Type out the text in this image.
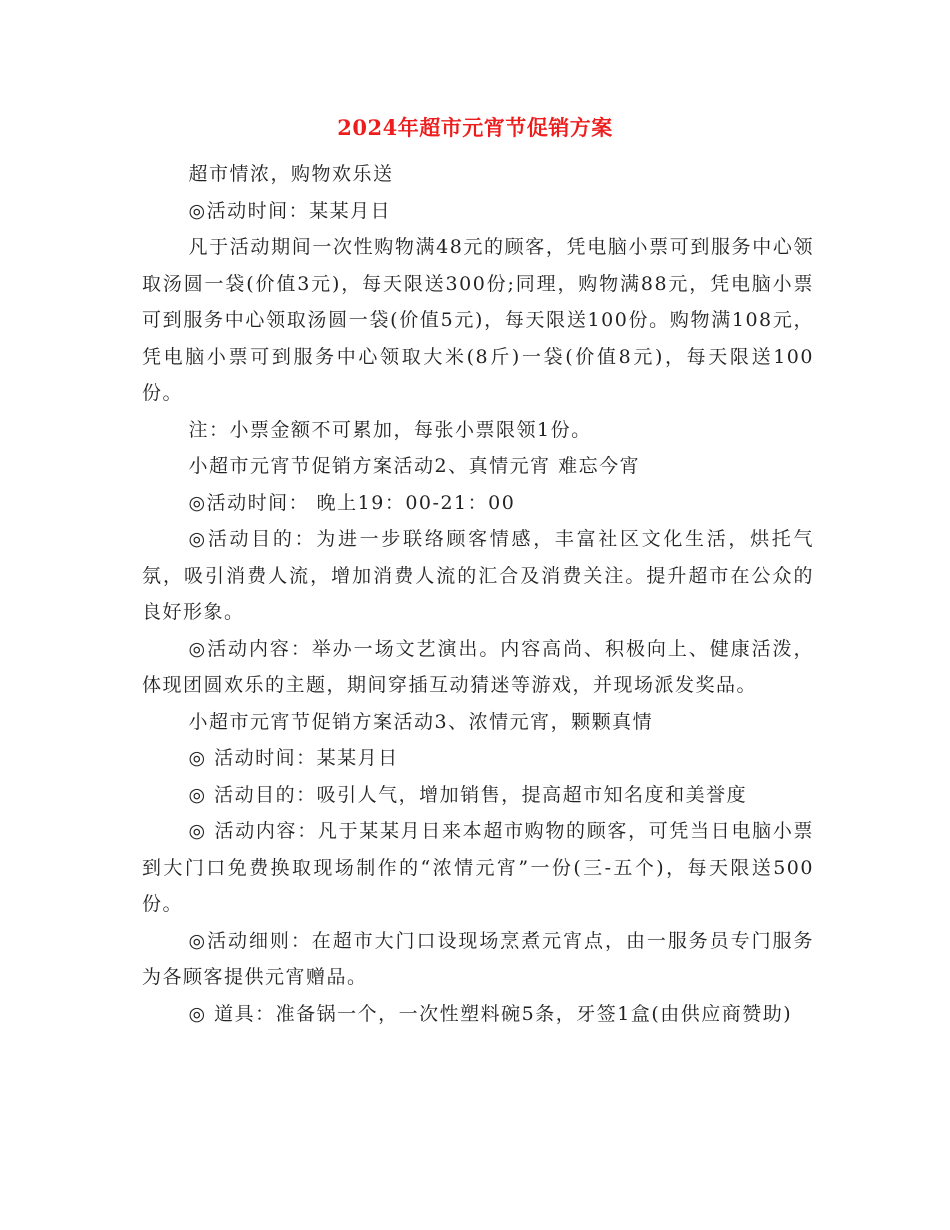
2024年超市元宵节促销方案

超市情浓，购物欢乐送

◎活动时间：某某月日

凡于活动期间一次性购物满48元的顾客，凭电脑小票可到服务中心领取汤圆一袋(价值3元)，每天限送300份;同理，购物满88元，凭电脑小票可到服务中心领取汤圆一袋(价值5元)，每天限送100份。购物满108元，凭电脑小票可到服务中心领取大米(8斤)一袋(价值8元)，每天限送100份。

注：小票金额不可累加，每张小票限领1份。

小超市元宵节促销方案活动2、真情元宵 难忘今宵

◎活动时间： 晚上19：00-21：00

◎活动目的：为进一步联络顾客情感，丰富社区文化生活，烘托气氛，吸引消费人流，增加消费人流的汇合及消费关注。提升超市在公众的良好形象。

◎活动内容：举办一场文艺演出。内容高尚、积极向上、健康活泼，体现团圆欢乐的主题，期间穿插互动猜迷等游戏，并现场派发奖品。

小超市元宵节促销方案活动3、浓情元宵，颗颗真情

◎ 活动时间：某某月日

◎ 活动目的：吸引人气，增加销售，提高超市知名度和美誉度

◎ 活动内容：凡于某某月日来本超市购物的顾客，可凭当日电脑小票到大门口免费换取现场制作的“浓情元宵”一份(三-五个)，每天限送500份。

◎活动细则：在超市大门口设现场烹煮元宵点，由一服务员专门服务为各顾客提供元宵赠品。

◎ 道具：准备锅一个，一次性塑料碗5条，牙签1盒(由供应商赞助)
